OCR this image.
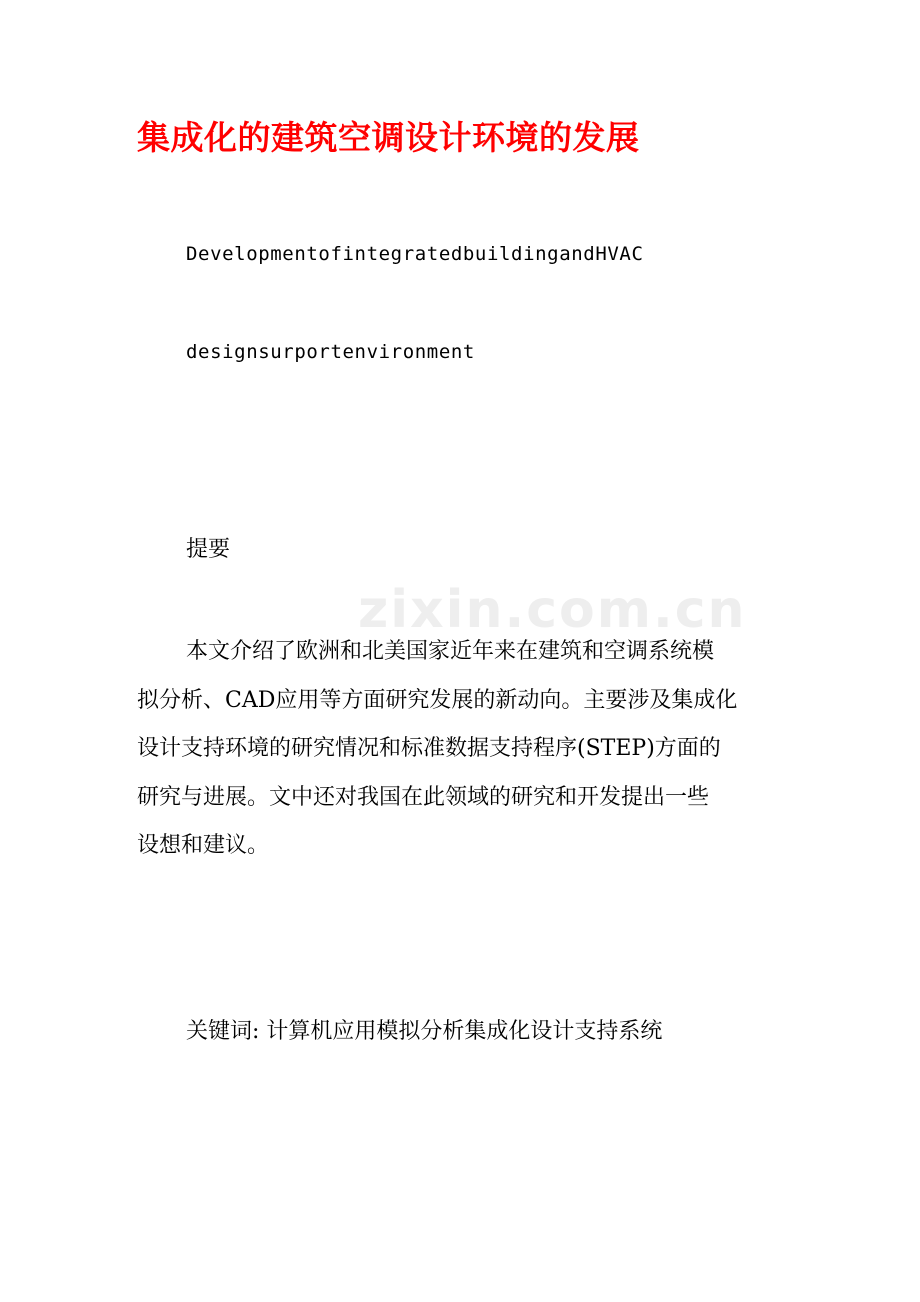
zixin.com.cn
集成化的建筑空调设计环境的发展

DevelopmentofintegratedbuildingandHVAC

designsurportenvironment

提要

本文介绍了欧洲和北美国家近年来在建筑和空调系统模
拟分析、CAD应用等方面研究发展的新动向。主要涉及集成化
设计支持环境的研究情况和标准数据支持程序(STEP)方面的
研究与进展。文中还对我国在此领域的研究和开发提出一些
设想和建议。

关键词: 计算机应用模拟分析集成化设计支持系统
